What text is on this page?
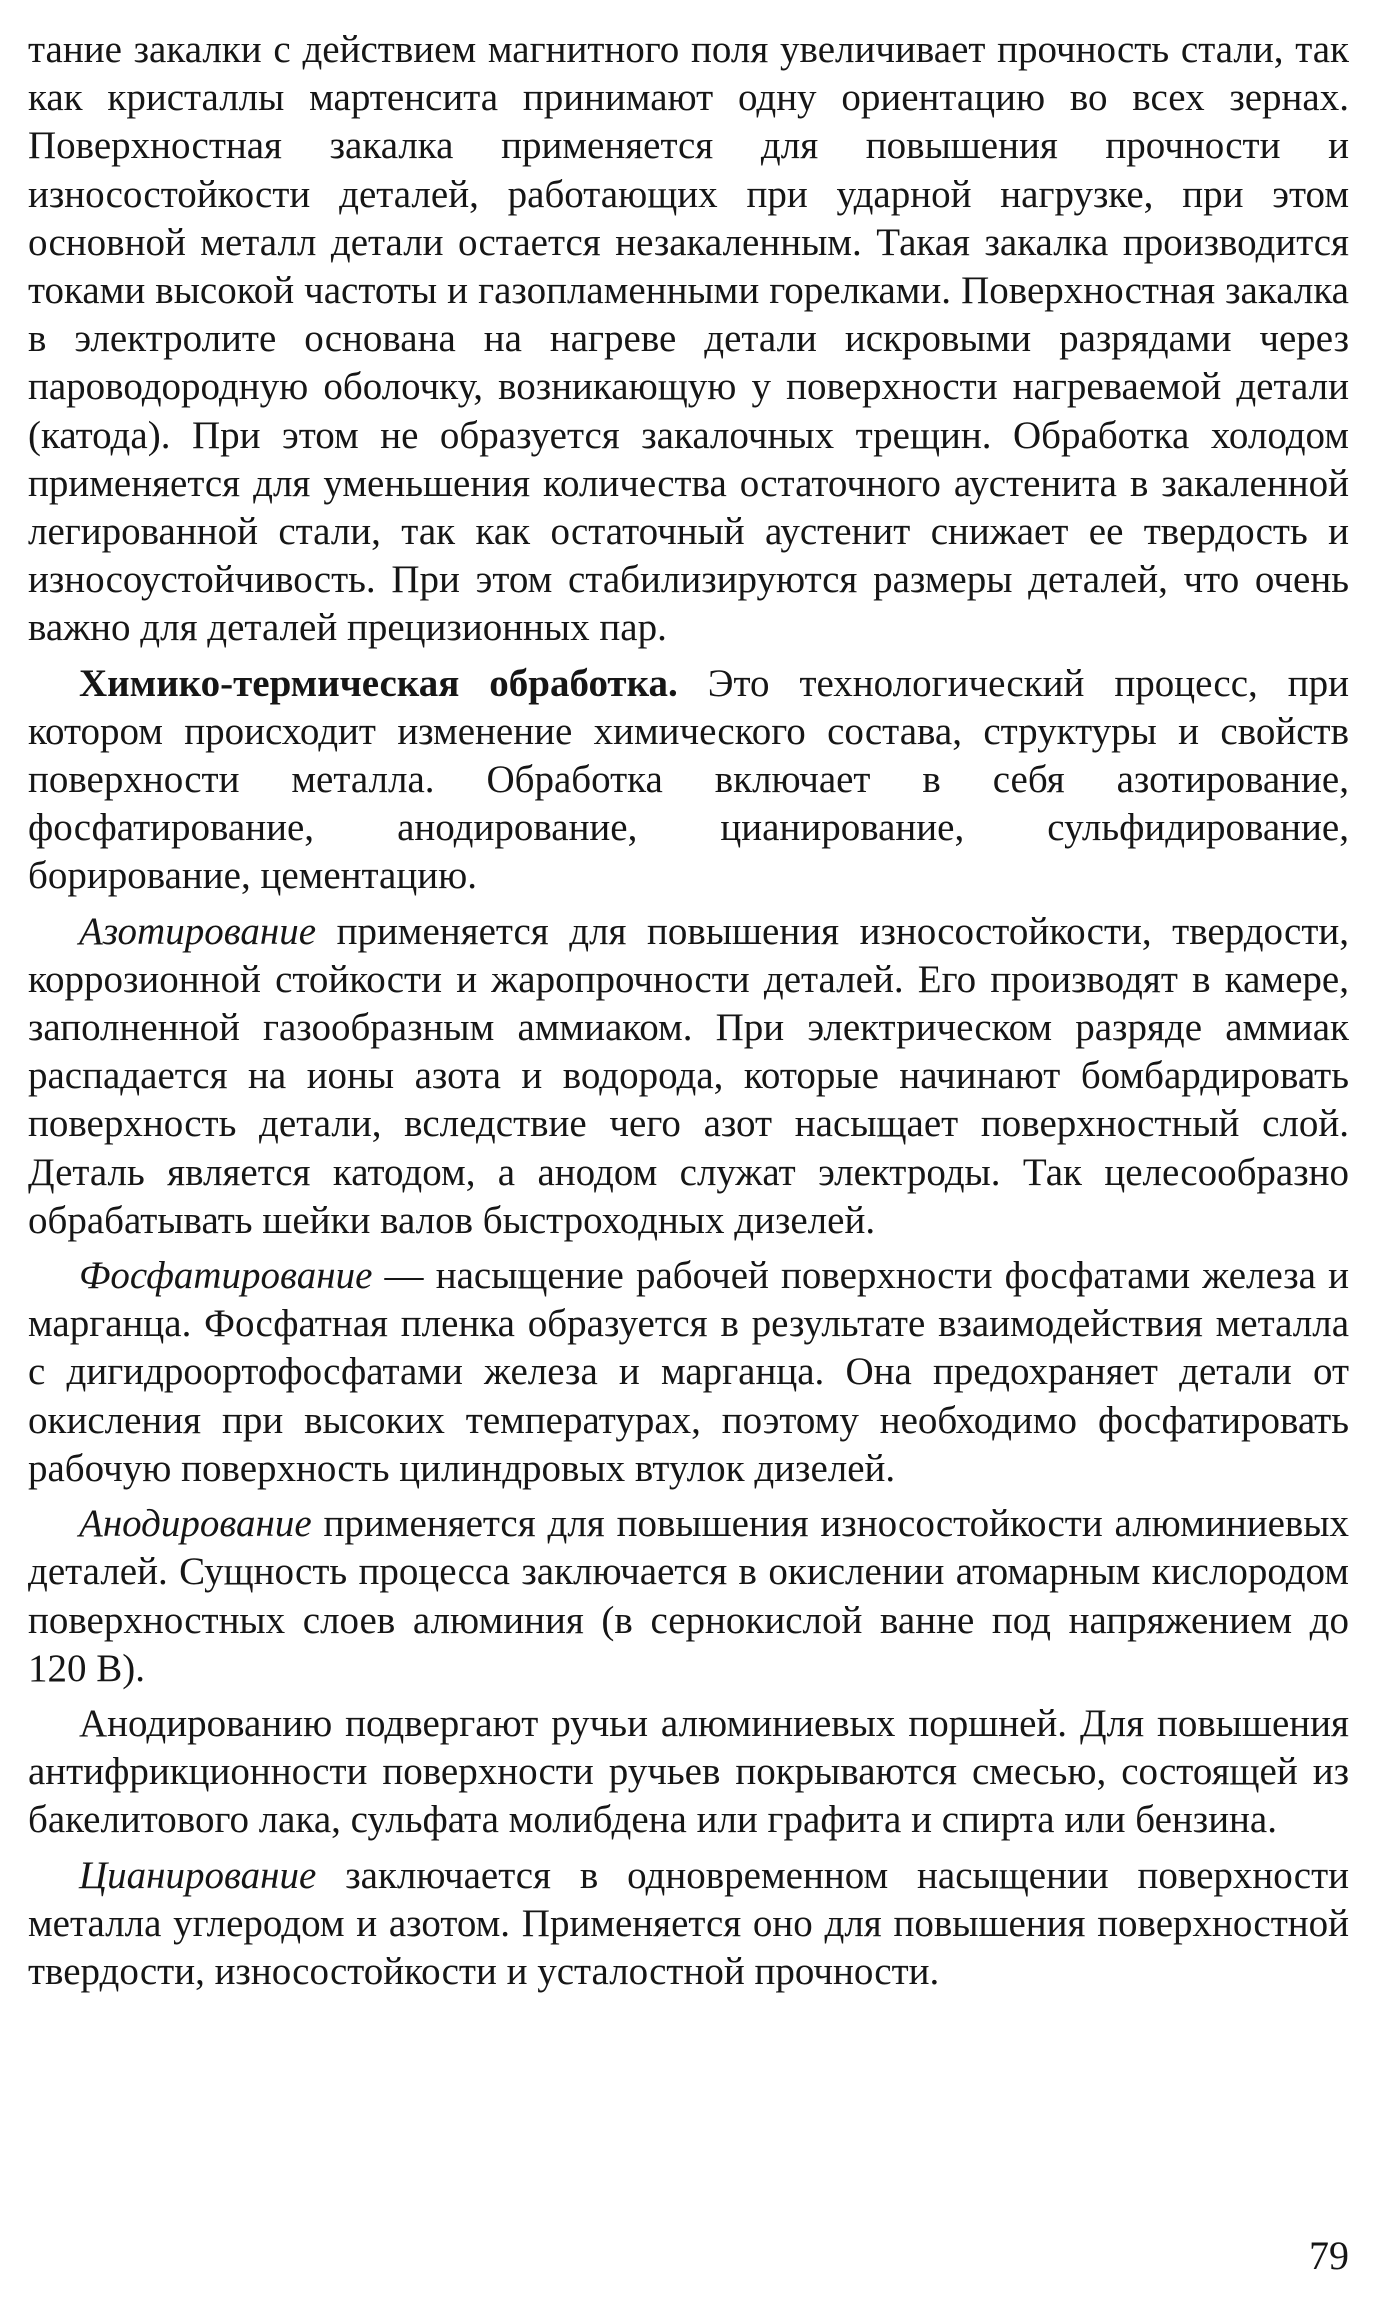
тание закалки с действием магнитного поля увеличивает прочность стали, так как кристаллы мартенсита принимают одну ориентацию во всех зернах. Поверхностная закалка применяется для повышения прочности и износостойкости деталей, работающих при ударной нагрузке, при этом основной металл детали остается незакаленным. Такая закалка производится токами высокой частоты и газопламенными горелками. Поверхностная закалка в электролите основана на нагреве детали искровыми разрядами через пароводородную оболочку, возникающую у поверхности нагреваемой детали (катода). При этом не образуется закалочных трещин. Обработка холодом применяется для уменьшения количества остаточного аустенита в закаленной легированной стали, так как остаточный аустенит снижает ее твердость и износоустойчивость. При этом стабилизируются размеры деталей, что очень важно для деталей прецизионных пар.

Химико-термическая обработка. Это технологический процесс, при котором происходит изменение химического состава, структуры и свойств поверхности металла. Обработка включает в себя азотирование, фосфатирование, анодирование, цианирование, сульфидирование, борирование, цементацию.

Азотирование применяется для повышения износостойкости, твердости, коррозионной стойкости и жаропрочности деталей. Его производят в камере, заполненной газообразным аммиаком. При электрическом разряде аммиак распадается на ионы азота и водорода, которые начинают бомбардировать поверхность детали, вследствие чего азот насыщает поверхностный слой. Деталь является катодом, а анодом служат электроды. Так целесообразно обрабатывать шейки валов быстроходных дизелей.

Фосфатирование — насыщение рабочей поверхности фосфатами железа и марганца. Фосфатная пленка образуется в результате взаимодействия металла с дигидроортофосфатами железа и марганца. Она предохраняет детали от окисления при высоких температурах, поэтому необходимо фосфатировать рабочую поверхность цилиндровых втулок дизелей.

Анодирование применяется для повышения износостойкости алюминиевых деталей. Сущность процесса заключается в окислении атомарным кислородом поверхностных слоев алюминия (в сернокислой ванне под напряжением до 120 В).

Анодированию подвергают ручьи алюминиевых поршней. Для повышения антифрикционности поверхности ручьев покрываются смесью, состоящей из бакелитового лака, сульфата молибдена или графита и спирта или бензина.

Цианирование заключается в одновременном насыщении поверхности металла углеродом и азотом. Применяется оно для повышения поверхностной твердости, износостойкости и усталостной прочности.

79
